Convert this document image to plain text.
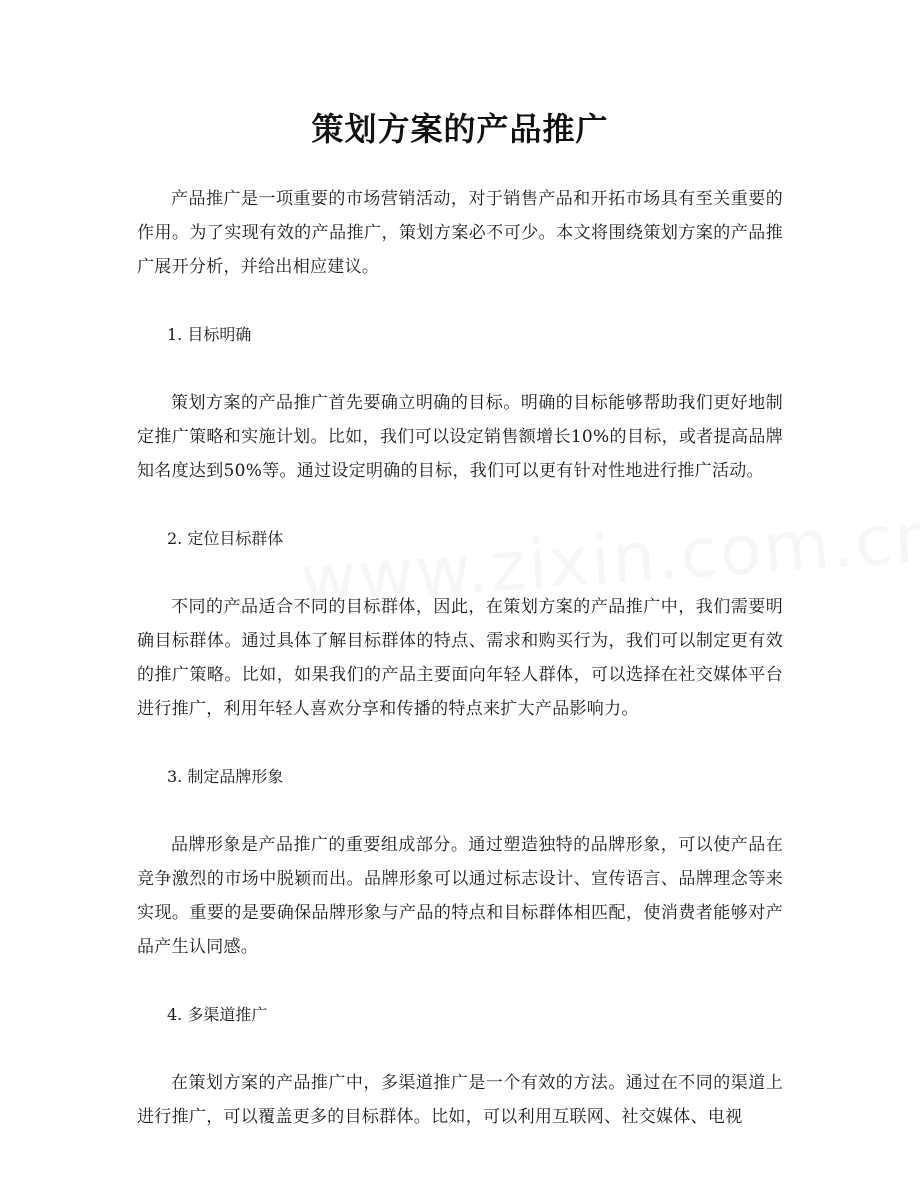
策划方案的产品推广

产品推广是一项重要的市场营销活动，对于销售产品和开拓市场具有至关重要的作用。为了实现有效的产品推广，策划方案必不可少。本文将围绕策划方案的产品推广展开分析，并给出相应建议。

1. 目标明确

策划方案的产品推广首先要确立明确的目标。明确的目标能够帮助我们更好地制定推广策略和实施计划。比如，我们可以设定销售额增长10%的目标，或者提高品牌知名度达到50%等。通过设定明确的目标，我们可以更有针对性地进行推广活动。

2. 定位目标群体

不同的产品适合不同的目标群体，因此，在策划方案的产品推广中，我们需要明确目标群体。通过具体了解目标群体的特点、需求和购买行为，我们可以制定更有效的推广策略。比如，如果我们的产品主要面向年轻人群体，可以选择在社交媒体平台进行推广，利用年轻人喜欢分享和传播的特点来扩大产品影响力。

3. 制定品牌形象

品牌形象是产品推广的重要组成部分。通过塑造独特的品牌形象，可以使产品在竞争激烈的市场中脱颖而出。品牌形象可以通过标志设计、宣传语言、品牌理念等来实现。重要的是要确保品牌形象与产品的特点和目标群体相匹配，使消费者能够对产品产生认同感。

4. 多渠道推广

在策划方案的产品推广中，多渠道推广是一个有效的方法。通过在不同的渠道上进行推广，可以覆盖更多的目标群体。比如，可以利用互联网、社交媒体、电视
